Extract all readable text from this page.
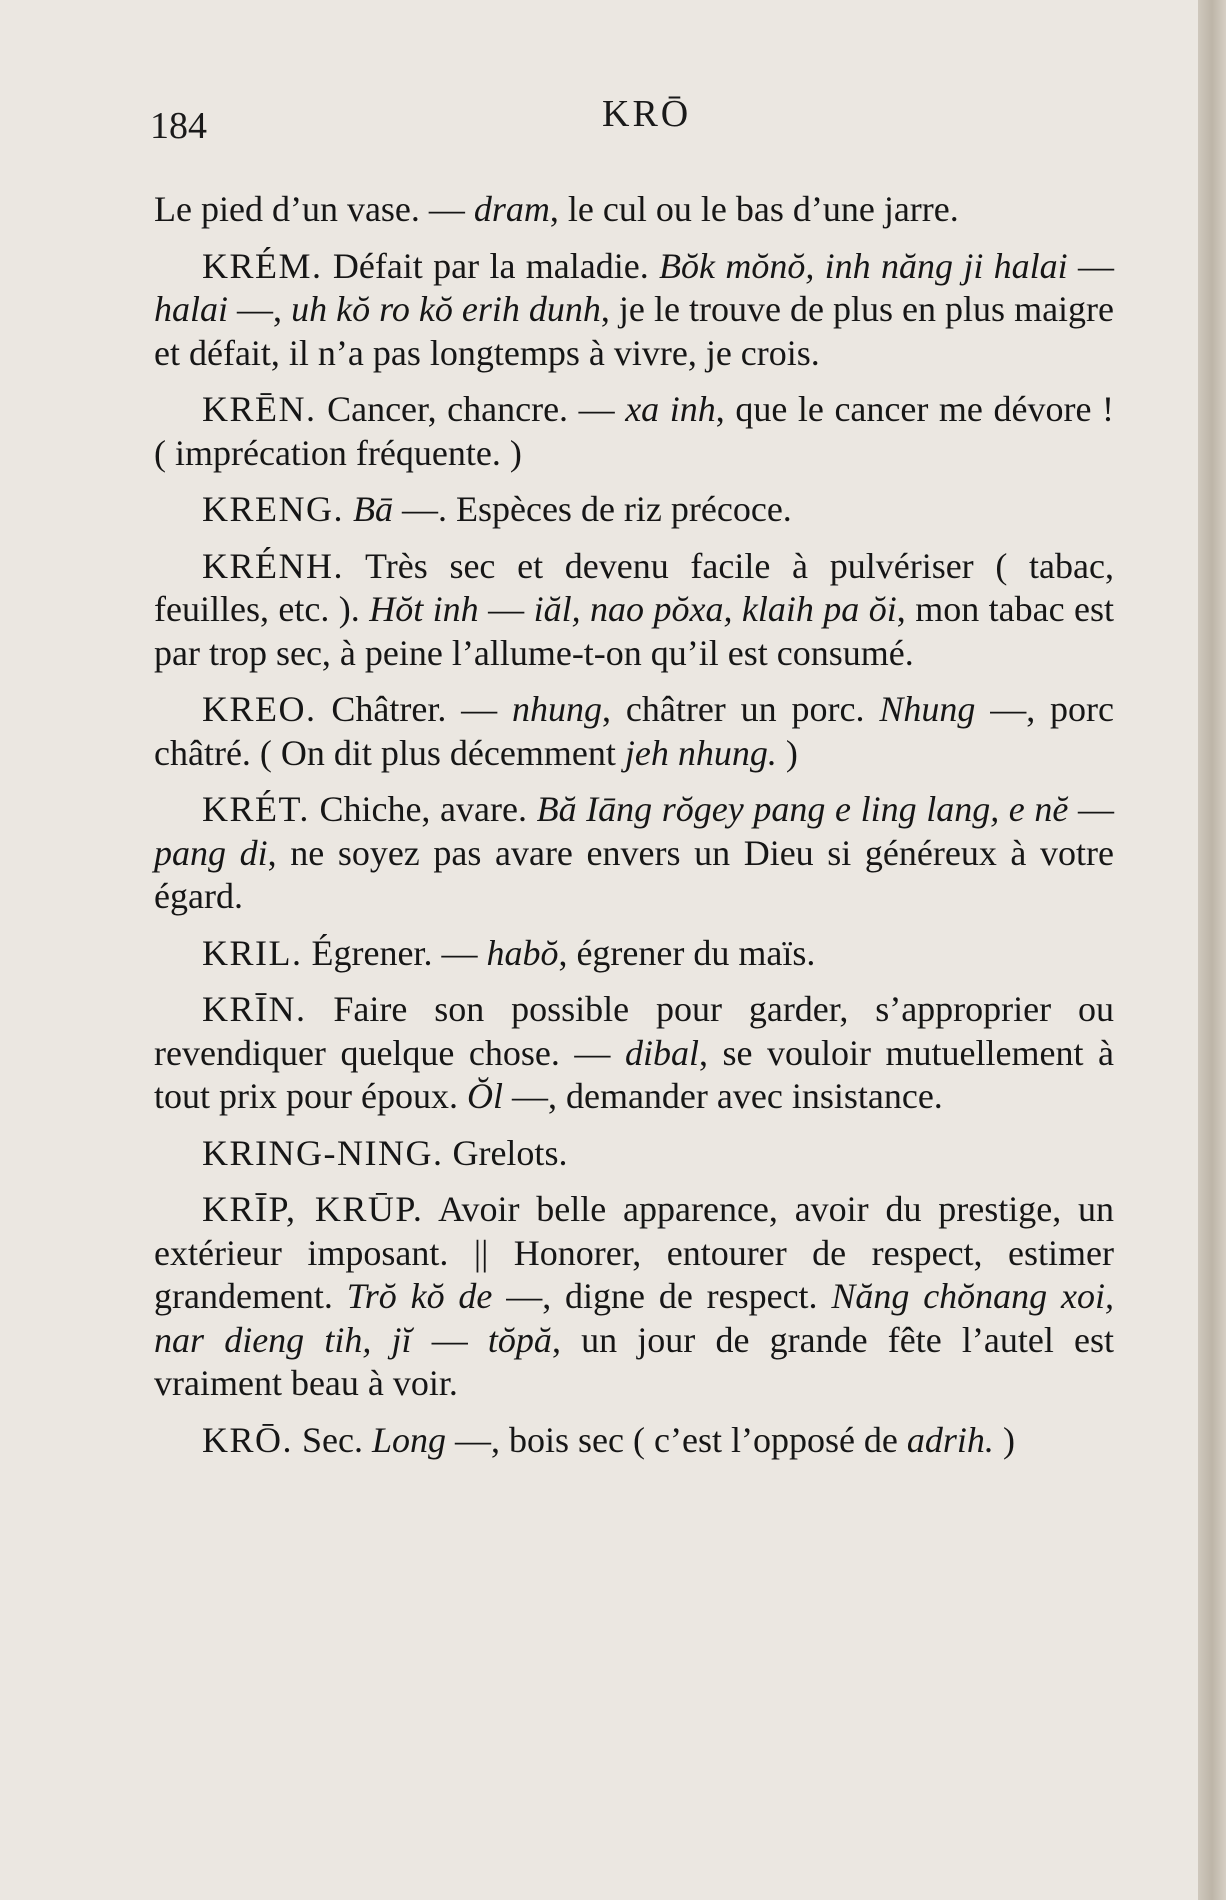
184	KRŌ

Le pied d’un vase. — dram, le cul ou le bas d’une jarre.

KRÉM. Défait par la maladie. Bŏk mŏnŏ, inh năng ji halai — halai —, uh kŏ ro kŏ erih dunh, je le trouve de plus en plus maigre et défait, il n’a pas longtemps à vivre, je crois.

KRĒN. Cancer, chancre. — xa inh, que le cancer me dévore ! ( imprécation fréquente. )

KRENG. Bā —. Espèces de riz précoce.

KRÉNH. Très sec et devenu facile à pulvériser ( tabac, feuilles, etc. ). Hŏt inh — iăl, nao pŏxa, klaih pa ŏi, mon tabac est par trop sec, à peine l’allume-t-on qu’il est consumé.

KREO. Châtrer. — nhung, châtrer un porc. Nhung —, porc châtré. ( On dit plus décemment jeh nhung. )

KRÉT. Chiche, avare. Bă Iāng rŏgey pang e ling lang, e nĕ — pang di, ne soyez pas avare envers un Dieu si généreux à votre égard.

KRIL. Égrener. — habŏ, égrener du maïs.

KRĪN. Faire son possible pour garder, s’approprier ou revendiquer quelque chose. — dibal, se vouloir mutuellement à tout prix pour époux. Ŏl —, demander avec insistance.

KRING-NING. Grelots.

KRĪP, KRŪP. Avoir belle apparence, avoir du prestige, un extérieur imposant. || Honorer, entourer de respect, estimer grandement. Trŏ kŏ de —, digne de respect. Năng chŏnang xoi, nar dieng tih, jĭ — tŏpă, un jour de grande fête l’autel est vraiment beau à voir.

KRŌ. Sec. Long —, bois sec ( c’est l’opposé de adrih. )
